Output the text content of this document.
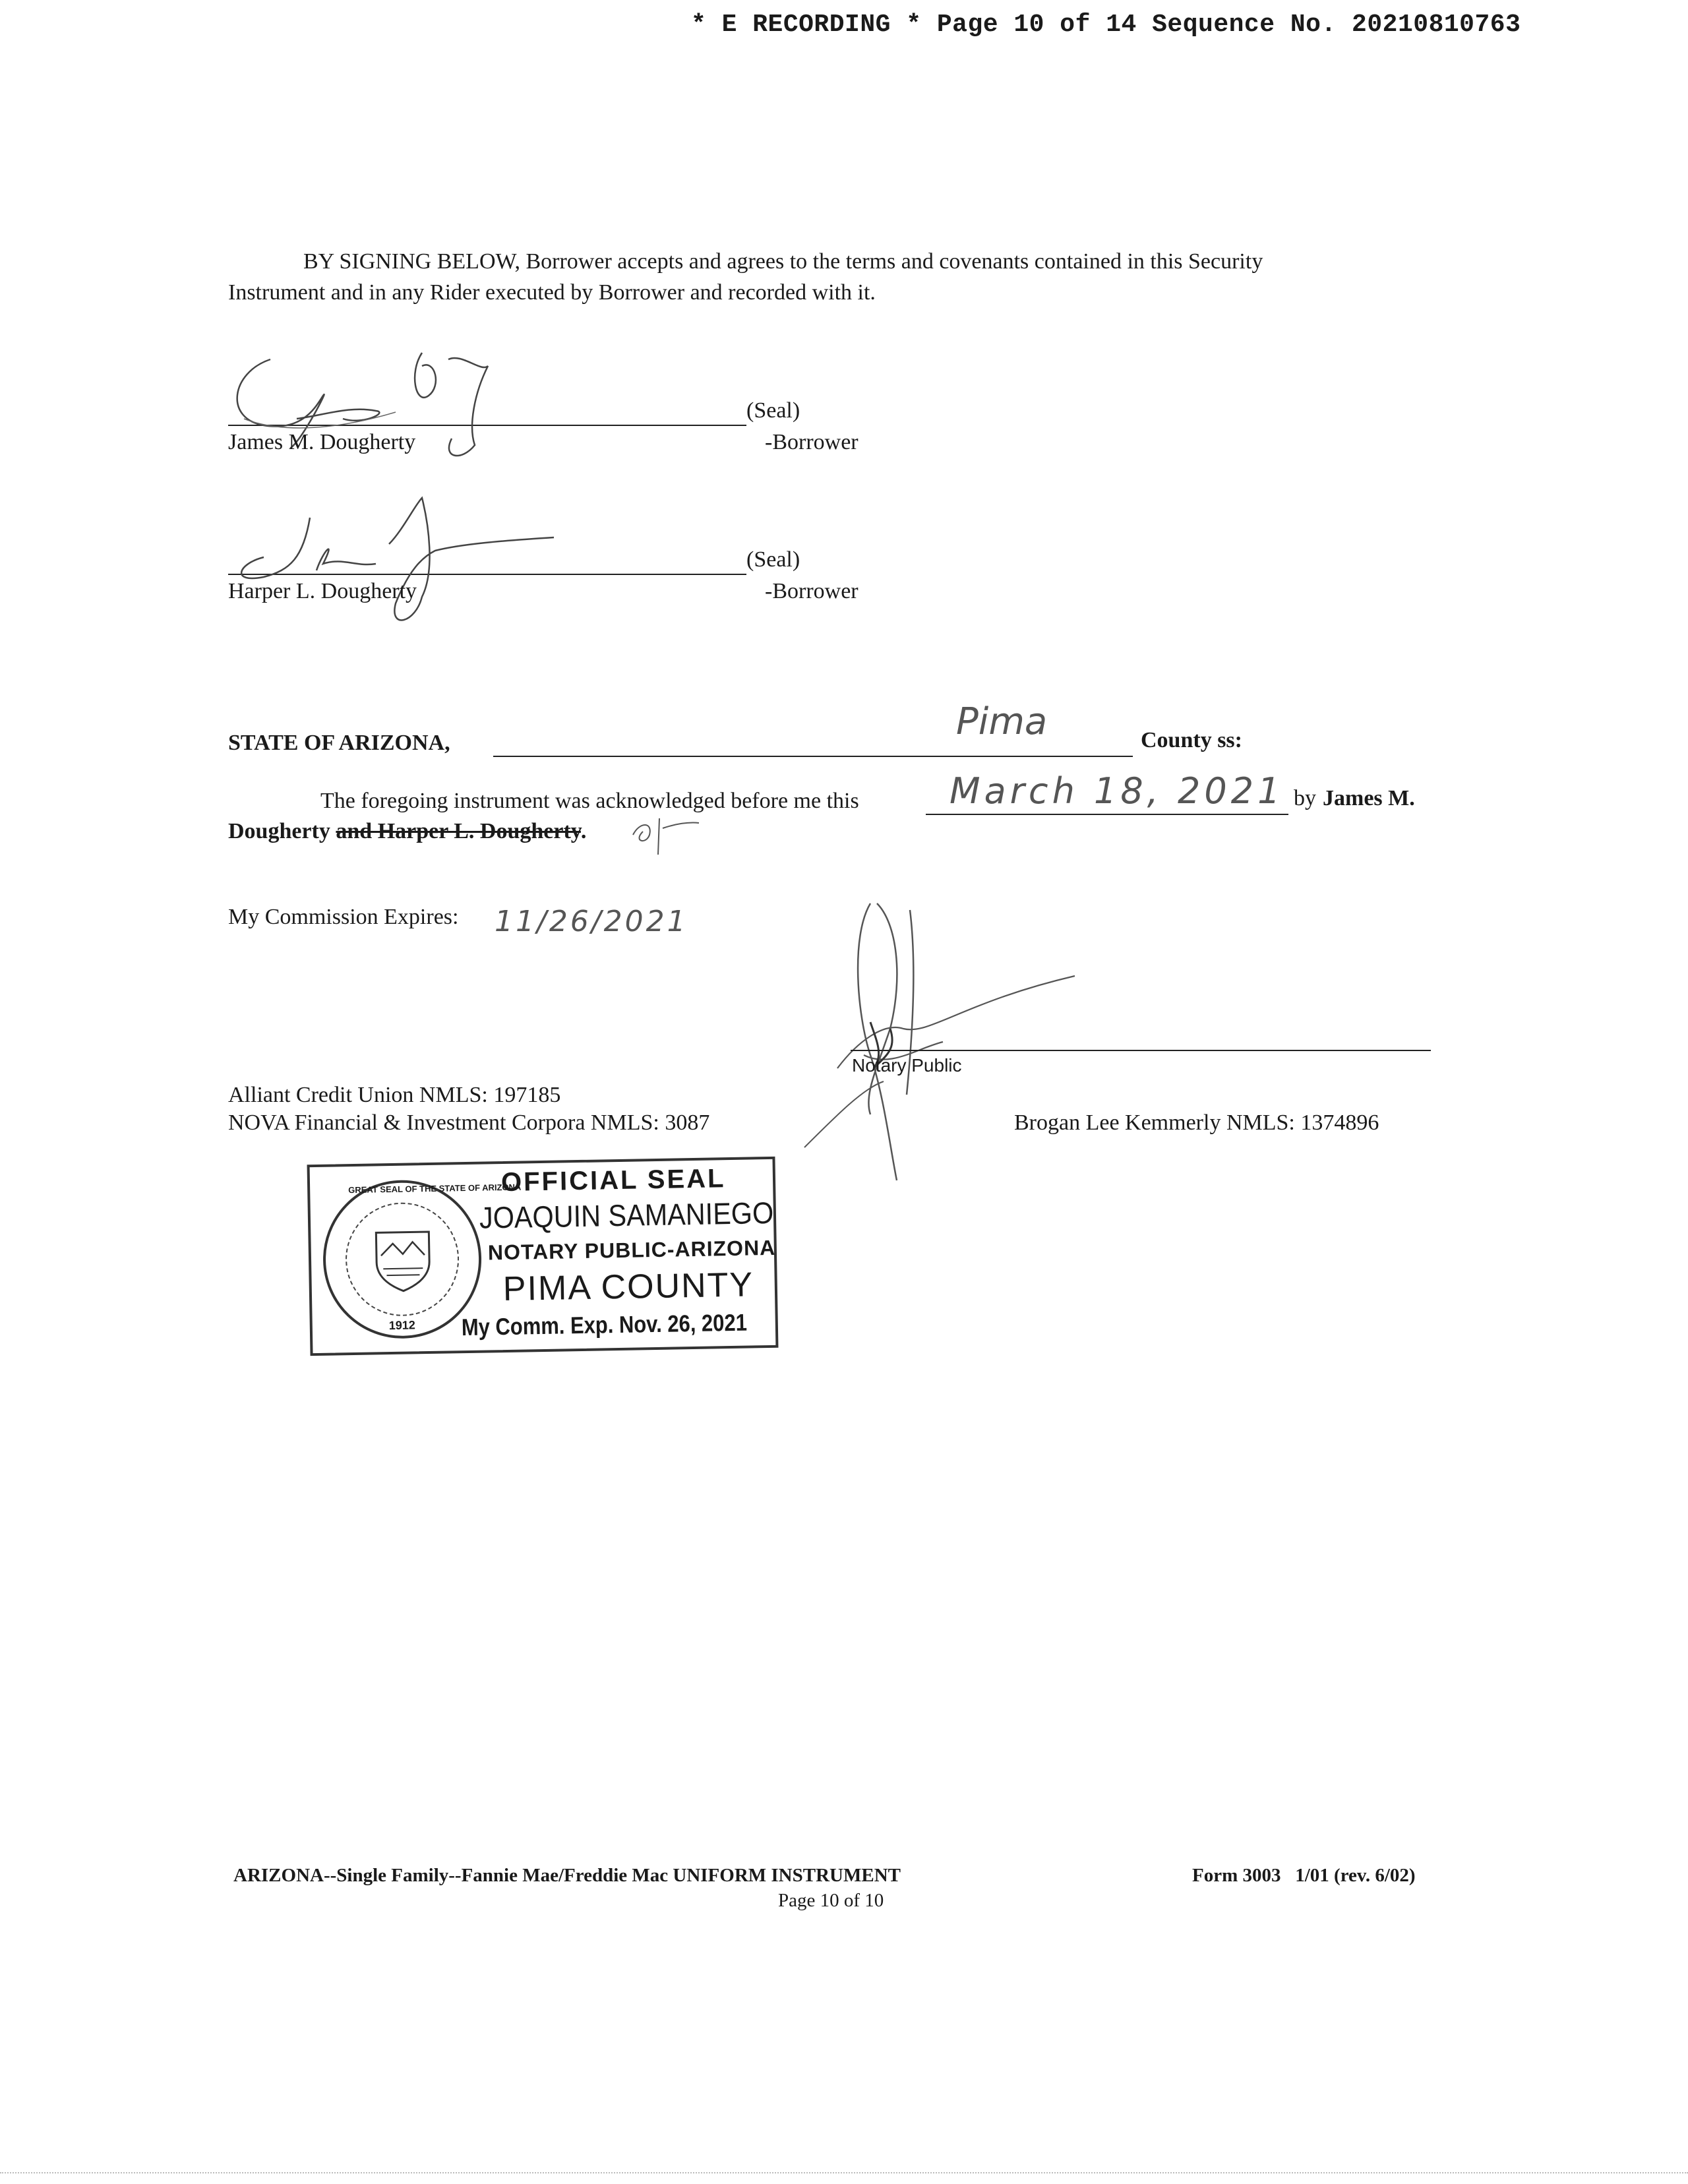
* E RECORDING * Page 10 of 14 Sequence No. 20210810763
BY SIGNING BELOW, Borrower accepts and agrees to the terms and covenants contained in this Security
Instrument and in any Rider executed by Borrower and recorded with it.
(Seal)
James M. Dougherty	-Borrower
(Seal)
Harper L. Dougherty	-Borrower
STATE OF ARIZONA,	Pima	County ss:
The foregoing instrument was acknowledged before me this	March 18, 2021 by James M.
Dougherty and Harper L. Dougherty.
My Commission Expires: 11/26/2021
Notary Public
Alliant Credit Union NMLS: 197185
NOVA Financial & Investment Corpora NMLS: 3087	Brogan Lee Kemmerly NMLS: 1374896
GREAT SEAL OF THE STATE OF ARIZONA
1912
OFFICIAL SEAL
JOAQUIN SAMANIEGO
NOTARY PUBLIC-ARIZONA
PIMA COUNTY
My Comm. Exp. Nov. 26, 2021
ARIZONA--Single Family--Fannie Mae/Freddie Mac UNIFORM INSTRUMENT	Form 3003   1/01 (rev. 6/02)
Page 10 of 10
